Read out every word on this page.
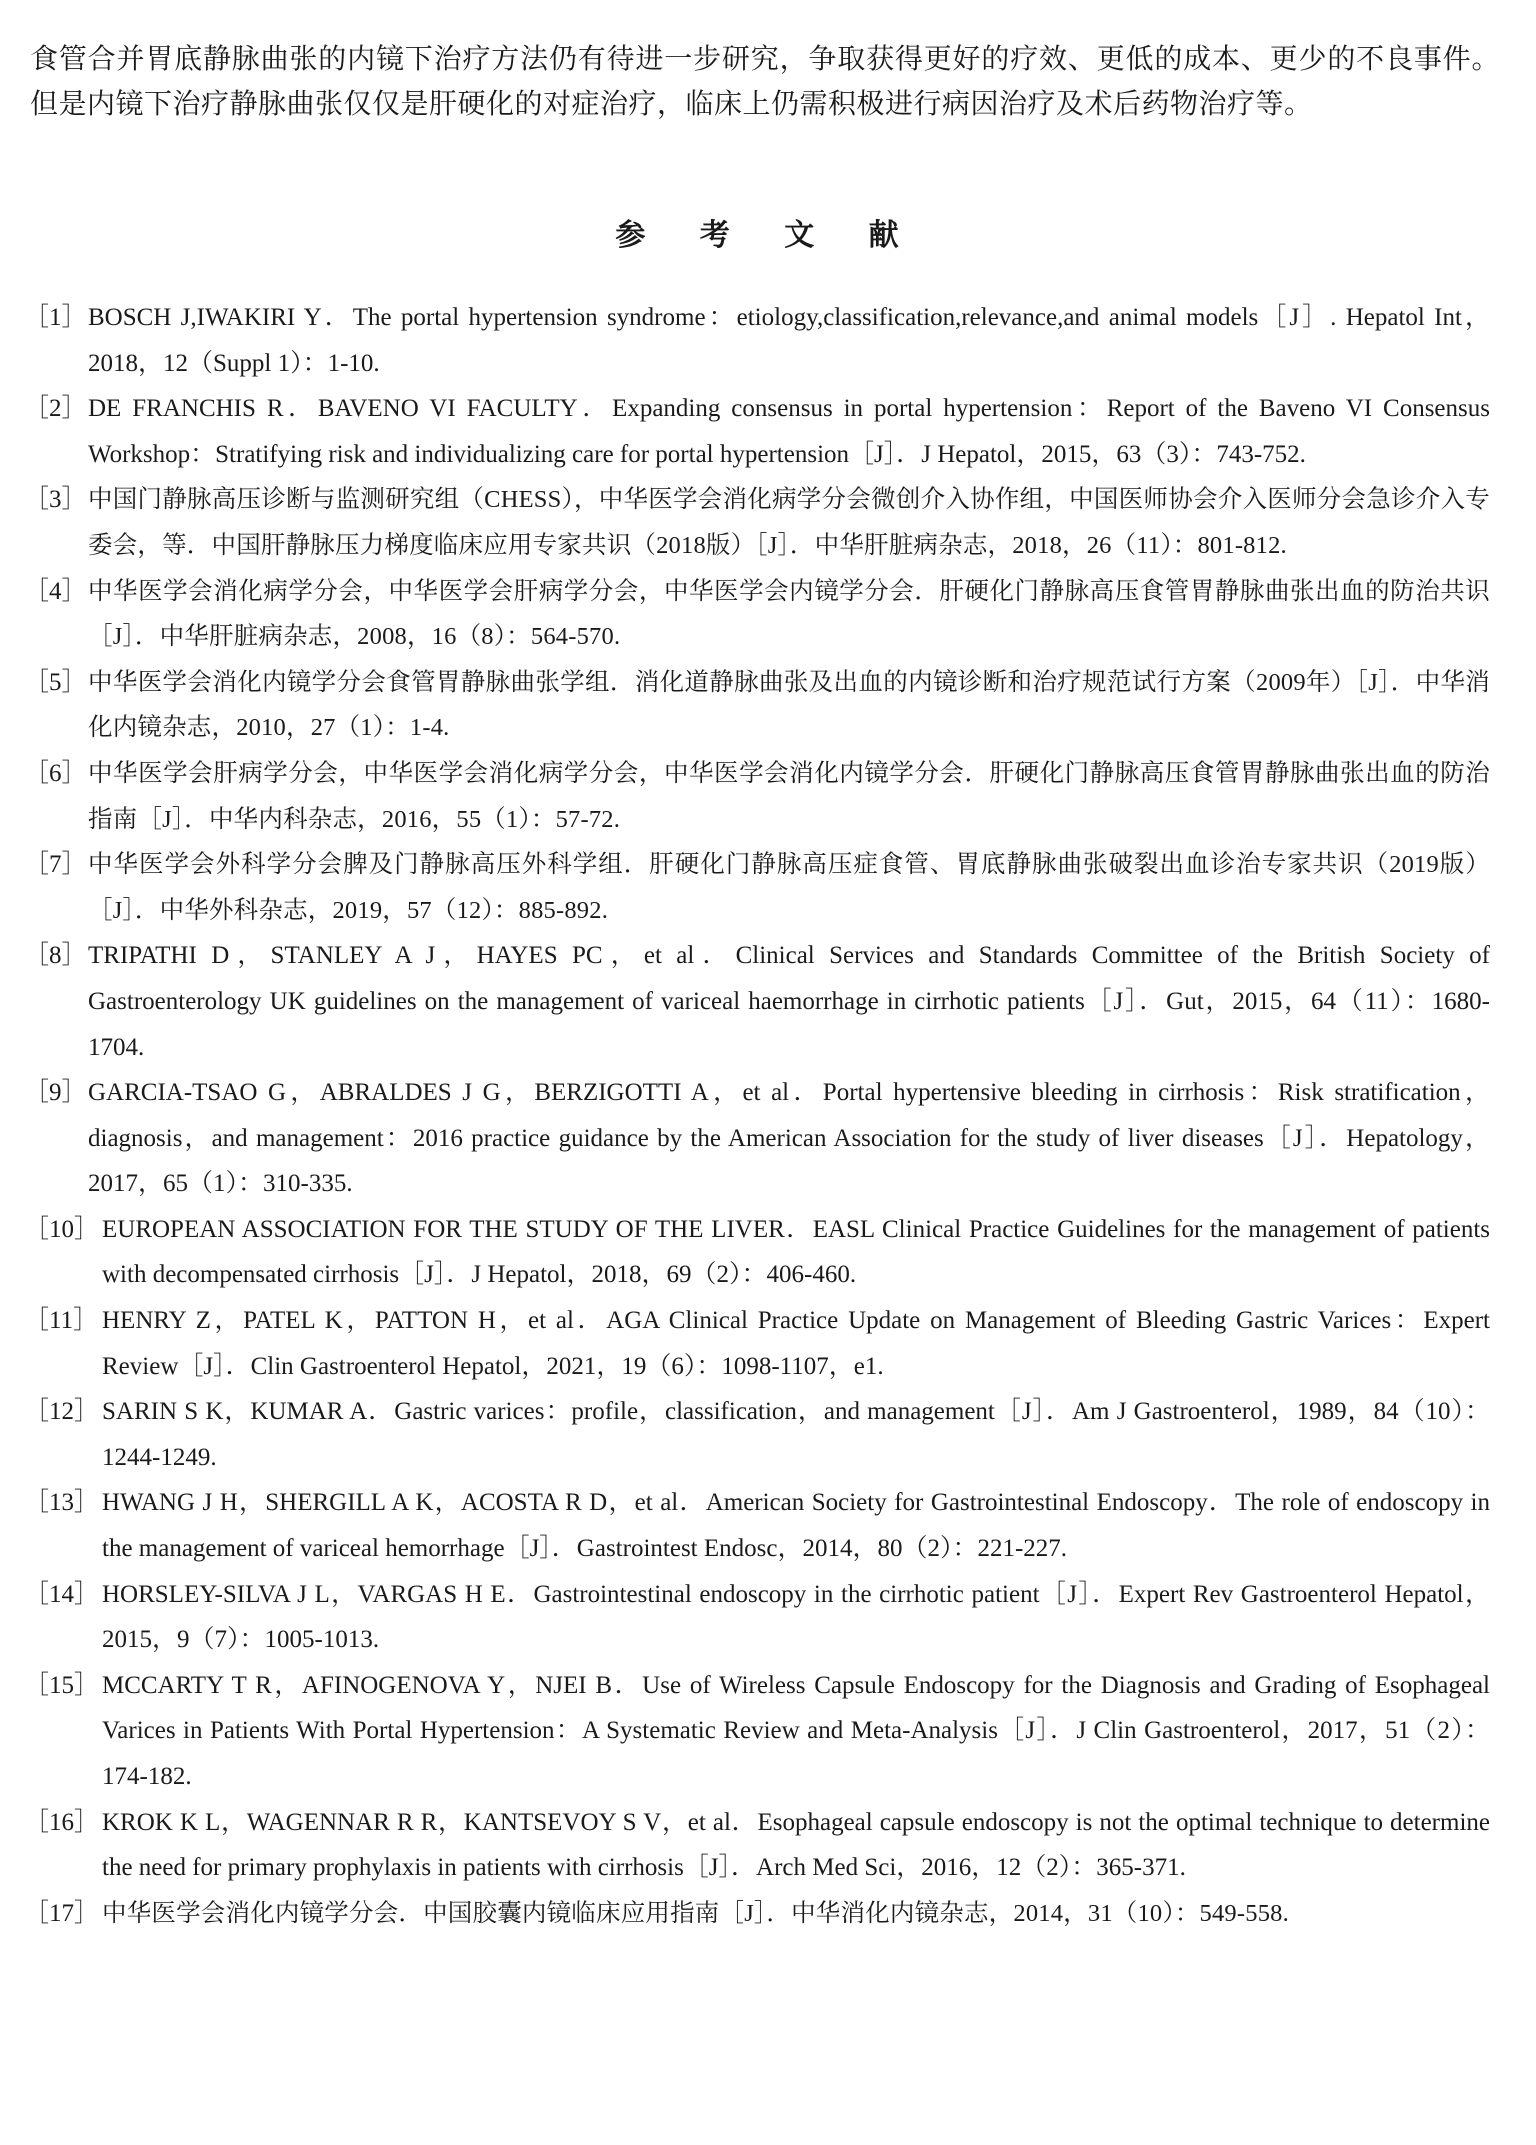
食管合并胃底静脉曲张的内镜下治疗方法仍有待进一步研究，争取获得更好的疗效、更低的成本、更少的不良事件。但是内镜下治疗静脉曲张仅仅是肝硬化的对症治疗，临床上仍需积极进行病因治疗及术后药物治疗等。

参 考 文 献
［1］ BOSCH J,IWAKIRI Y．The portal hypertension syndrome：etiology,classification,relevance,and animal models［J］. Hepatol Int，2018，12（Suppl 1）：1-10.
［2］ DE FRANCHIS R．BAVENO VI FACULTY．Expanding consensus in portal hypertension：Report of the Baveno VI Consensus Workshop：Stratifying risk and individualizing care for portal hypertension［J］．J Hepatol，2015，63（3）：743-752.
［3］ 中国门静脉高压诊断与监测研究组（CHESS），中华医学会消化病学分会微创介入协作组，中国医师协会介入医师分会急诊介入专委会，等．中国肝静脉压力梯度临床应用专家共识（2018版）［J］．中华肝脏病杂志，2018，26（11）：801-812.
［4］ 中华医学会消化病学分会，中华医学会肝病学分会，中华医学会内镜学分会．肝硬化门静脉高压食管胃静脉曲张出血的防治共识［J］．中华肝脏病杂志，2008，16（8）：564-570.
［5］ 中华医学会消化内镜学分会食管胃静脉曲张学组．消化道静脉曲张及出血的内镜诊断和治疗规范试行方案（2009年）［J］．中华消化内镜杂志，2010，27（1）：1-4.
［6］ 中华医学会肝病学分会，中华医学会消化病学分会，中华医学会消化内镜学分会．肝硬化门静脉高压食管胃静脉曲张出血的防治指南［J］．中华内科杂志，2016，55（1）：57-72.
［7］ 中华医学会外科学分会脾及门静脉高压外科学组．肝硬化门静脉高压症食管、胃底静脉曲张破裂出血诊治专家共识（2019版）［J］．中华外科杂志，2019，57（12）：885-892.
［8］ TRIPATHI D，STANLEY A J，HAYES PC，et al．Clinical Services and Standards Committee of the British Society of Gastroenterology UK guidelines on the management of variceal haemorrhage in cirrhotic patients［J］．Gut，2015，64（11）：1680-1704.
［9］ GARCIA-TSAO G，ABRALDES J G，BERZIGOTTI A，et al．Portal hypertensive bleeding in cirrhosis：Risk stratification，diagnosis，and management：2016 practice guidance by the American Association for the study of liver diseases［J］．Hepatology，2017，65（1）：310-335.
［10］ EUROPEAN ASSOCIATION FOR THE STUDY OF THE LIVER．EASL Clinical Practice Guidelines for the management of patients with decompensated cirrhosis［J］．J Hepatol，2018，69（2）：406-460.
［11］ HENRY Z，PATEL K，PATTON H，et al．AGA Clinical Practice Update on Management of Bleeding Gastric Varices：Expert Review［J］．Clin Gastroenterol Hepatol，2021，19（6）：1098-1107，e1.
［12］ SARIN S K，KUMAR A．Gastric varices：profile，classification，and management［J］．Am J Gastroenterol，1989，84（10）：1244-1249.
［13］ HWANG J H，SHERGILL A K，ACOSTA R D，et al．American Society for Gastrointestinal Endoscopy．The role of endoscopy in the management of variceal hemorrhage［J］．Gastrointest Endosc，2014，80（2）：221-227.
［14］ HORSLEY-SILVA J L，VARGAS H E．Gastrointestinal endoscopy in the cirrhotic patient［J］．Expert Rev Gastroenterol Hepatol，2015，9（7）：1005-1013.
［15］ MCCARTY T R，AFINOGENOVA Y，NJEI B．Use of Wireless Capsule Endoscopy for the Diagnosis and Grading of Esophageal Varices in Patients With Portal Hypertension：A Systematic Review and Meta-Analysis［J］．J Clin Gastroenterol，2017，51（2）：174-182.
［16］ KROK K L，WAGENNAR R R，KANTSEVOY S V，et al．Esophageal capsule endoscopy is not the optimal technique to determine the need for primary prophylaxis in patients with cirrhosis［J］．Arch Med Sci，2016，12（2）：365-371.
［17］ 中华医学会消化内镜学分会．中国胶囊内镜临床应用指南［J］．中华消化内镜杂志，2014，31（10）：549-558.
